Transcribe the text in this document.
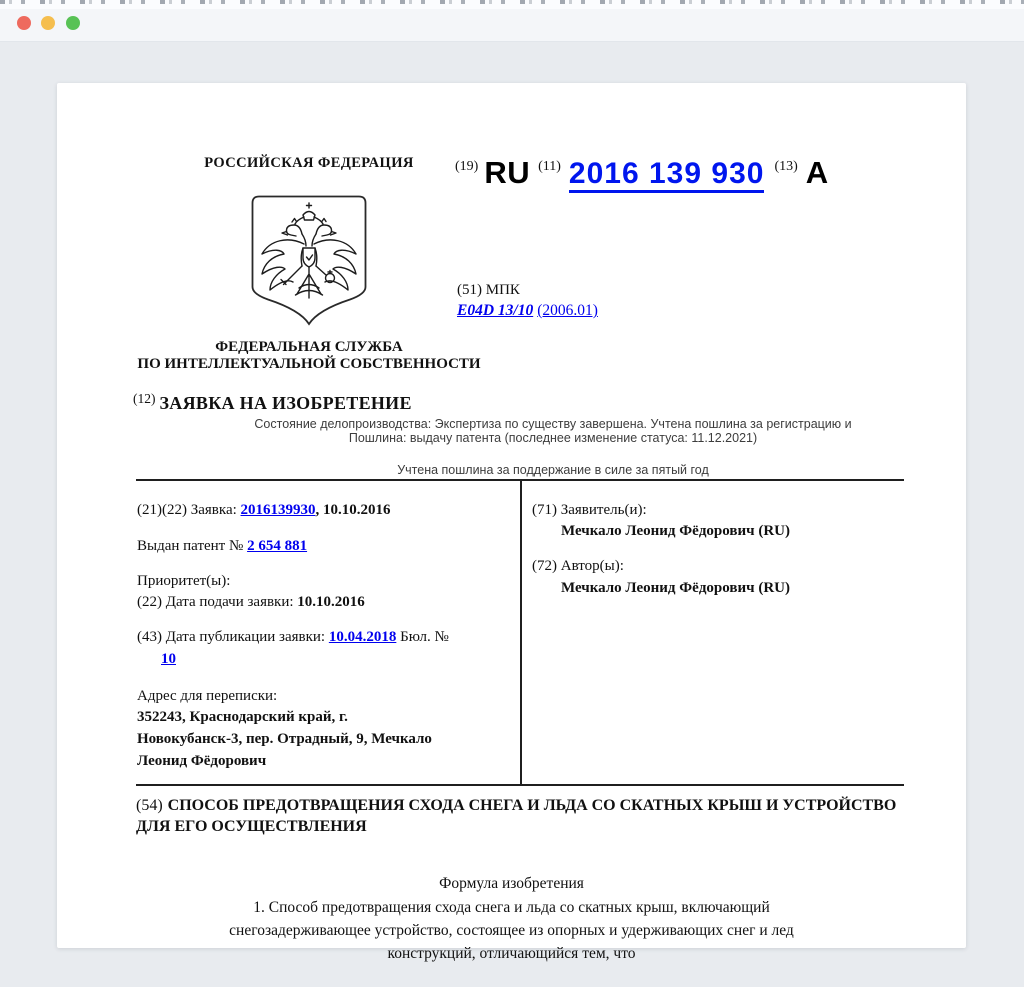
РОССИЙСКАЯ ФЕДЕРАЦИЯ
ФЕДЕРАЛЬНАЯ СЛУЖБА
ПО ИНТЕЛЛЕКТУАЛЬНОЙ СОБСТВЕННОСТИ
(19) RU (11) 2016 139 930 (13) A
(51) МПК
E04D 13/10 (2006.01)
$^{(12)}$ ЗАЯВКА НА ИЗОБРЕТЕНИЕ
Состояние делопроизводства: Экспертиза по существу завершена. Учтена пошлина за регистрацию и
Пошлина: выдачу патента (последнее изменение статуса: 11.12.2021)
Учтена пошлина за поддержание в силе за пятый год

(21)(22) Заявка: 2016139930, 10.10.2016

Выдан патент № 2 654 881

Приоритет(ы):

(22) Дата подачи заявки: 10.10.2016

(43) Дата публикации заявки: 10.04.2018 Бюл. №

10

Адрес для переписки:

352243, Краснодарский край, г.

Новокубанск-3, пер. Отрадный, 9, Мечкало

Леонид Фёдорович

(71) Заявитель(и):

Мечкало Леонид Фёдорович (RU)

(72) Автор(ы):

Мечкало Леонид Фёдорович (RU)

(54) СПОСОБ ПРЕДОТВРАЩЕНИЯ СХОДА СНЕГА И ЛЬДА СО СКАТНЫХ КРЫШ И УСТРОЙСТВО ДЛЯ ЕГО ОСУЩЕСТВЛЕНИЯ
Формула изобретения
1. Способ предотвращения схода снега и льда со скатных крыш, включающий
снегозадерживающее устройство, состоящее из опорных и удерживающих снег и лед
конструкций, отличающийся тем, что
